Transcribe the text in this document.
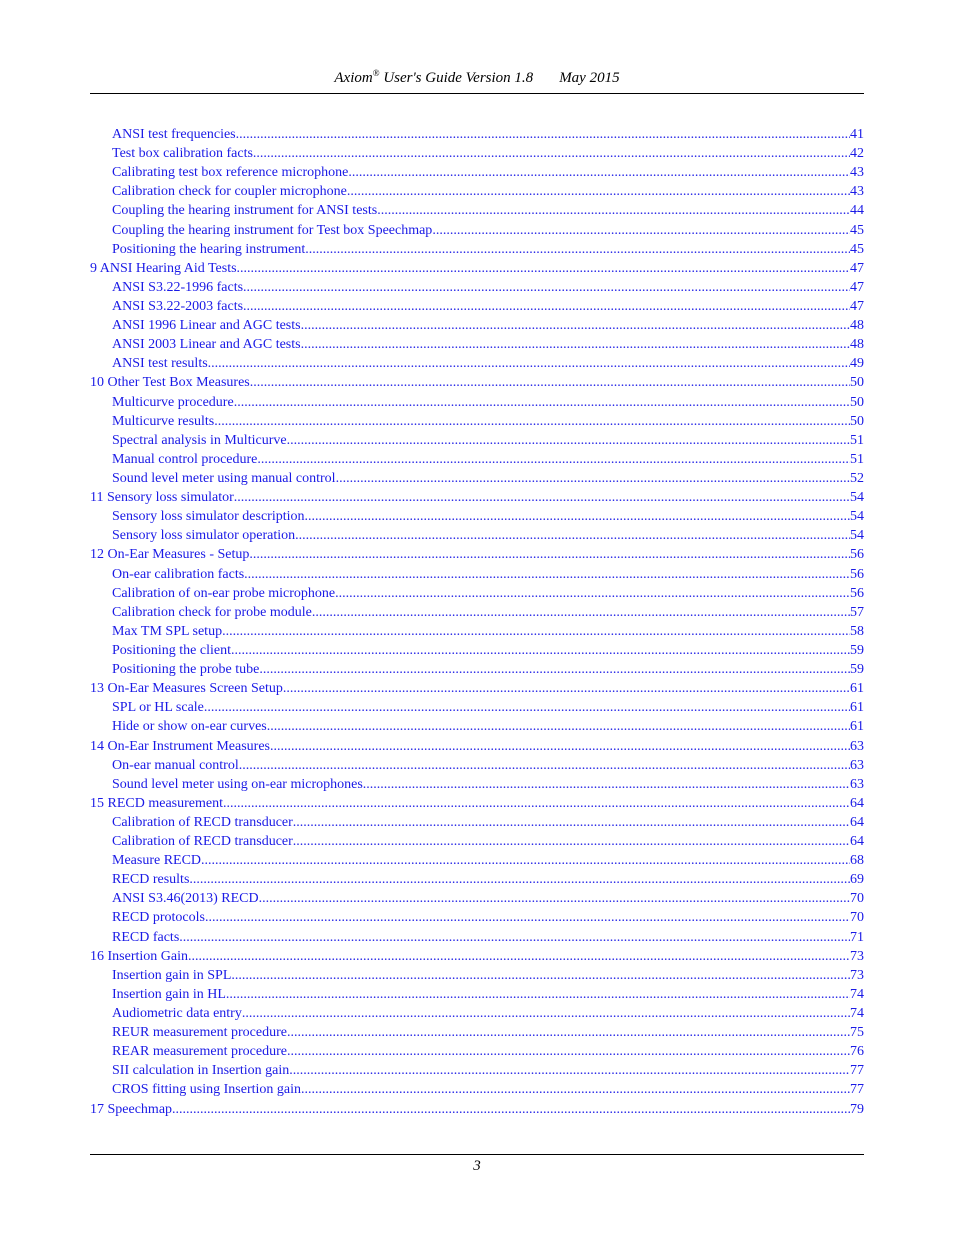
Axiom® User's Guide Version 1.8 May 2015
ANSI test frequencies .....	41
Test box calibration facts .....	42
Calibrating test box reference microphone .....	43
Calibration check for coupler microphone .....	43
Coupling the hearing instrument for ANSI tests .....	44
Coupling the hearing instrument for Test box Speechmap .....	45
Positioning the hearing instrument .....	45
9 ANSI Hearing Aid Tests .....	47
ANSI S3.22-1996 facts .....	47
ANSI S3.22-2003 facts .....	47
ANSI 1996 Linear and AGC tests .....	48
ANSI 2003 Linear and AGC tests .....	48
ANSI test results .....	49
10 Other Test Box Measures .....	50
Multicurve procedure .....	50
Multicurve results .....	50
Spectral analysis in Multicurve .....	51
Manual control procedure .....	51
Sound level meter using manual control .....	52
11 Sensory loss simulator .....	54
Sensory loss simulator description .....	54
Sensory loss simulator operation .....	54
12 On-Ear Measures - Setup .....	56
On-ear calibration facts .....	56
Calibration of on-ear probe microphone .....	56
Calibration check for probe module .....	57
Max TM SPL setup .....	58
Positioning the client .....	59
Positioning the probe tube .....	59
13 On-Ear Measures Screen Setup .....	61
SPL or HL scale .....	61
Hide or show on-ear curves .....	61
14 On-Ear Instrument Measures .....	63
On-ear manual control .....	63
Sound level meter using on-ear microphones .....	63
15 RECD measurement .....	64
Calibration of RECD transducer .....	64
Calibration of RECD transducer .....	64
Measure RECD .....	68
RECD results .....	69
ANSI S3.46(2013) RECD .....	70
RECD protocols .....	70
RECD facts .....	71
16 Insertion Gain .....	73
Insertion gain in SPL .....	73
Insertion gain in HL .....	74
Audiometric data entry .....	74
REUR measurement procedure .....	75
REAR measurement procedure .....	76
SII calculation in Insertion gain .....	77
CROS fitting using Insertion gain .....	77
17 Speechmap .....	79
3
